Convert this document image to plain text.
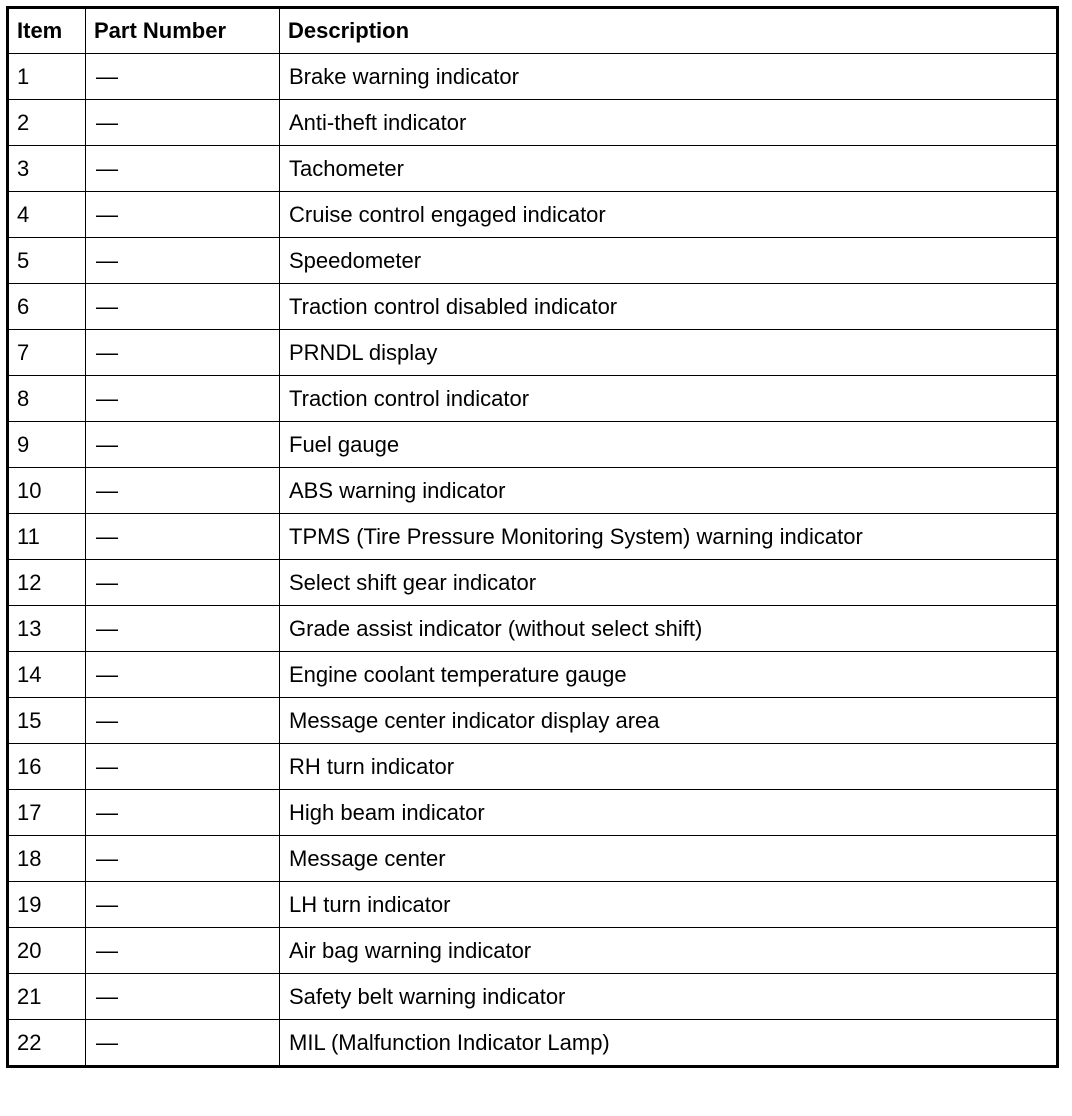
Item	Part Number	Description
1	—	Brake warning indicator
2	—	Anti-theft indicator
3	—	Tachometer
4	—	Cruise control engaged indicator
5	—	Speedometer
6	—	Traction control disabled indicator
7	—	PRNDL display
8	—	Traction control indicator
9	—	Fuel gauge
10	—	ABS warning indicator
11	—	TPMS (Tire Pressure Monitoring System) warning indicator
12	—	Select shift gear indicator
13	—	Grade assist indicator (without select shift)
14	—	Engine coolant temperature gauge
15	—	Message center indicator display area
16	—	RH turn indicator
17	—	High beam indicator
18	—	Message center
19	—	LH turn indicator
20	—	Air bag warning indicator
21	—	Safety belt warning indicator
22	—	MIL (Malfunction Indicator Lamp)
